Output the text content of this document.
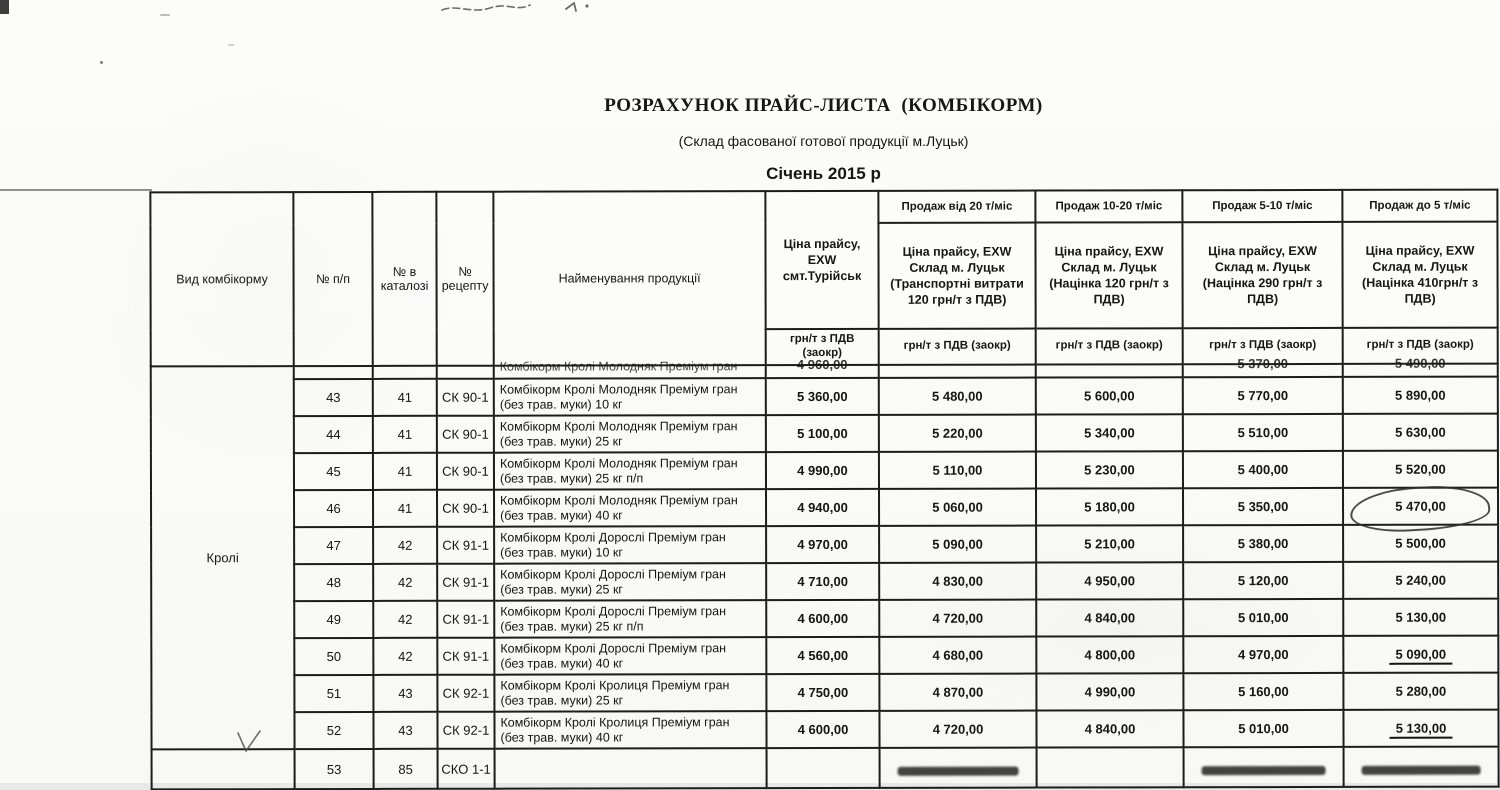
РОЗРАХУНОК ПРАЙС-ЛИСТА  (КОМБІКОРМ)
(Склад фасованої готової продукції м.Луцьк)
Січень 2015 р
Вид комбікорму	№ п/п	№ в каталозі	№ рецепту	Найменування продукції	Ціна прайсу, EXW смт.Турійськ	Продаж від 20 т/міс	Продаж 10-20 т/міс	Продаж 5-10 т/міс	Продаж до 5 т/міс
						Ціна прайсу, EXW Склад м. Луцьк (Транспортні витрати 120 грн/т з ПДВ)	Ціна прайсу, EXW Склад м. Луцьк (Націнка 120 грн/т з ПДВ)	Ціна прайсу, EXW Склад м. Луцьк (Націнка 290 грн/т з ПДВ)	Ціна прайсу, EXW Склад м. Луцьк (Націнка 410грн/т з ПДВ)
					грн/т з ПДВ (заокр)	грн/т з ПДВ (заокр)	грн/т з ПДВ (заокр)	грн/т з ПДВ (заокр)	грн/т з ПДВ (заокр)
Кролі				Комбікорм Кролі Молодняк Преміум гран	4 960,00			5 370,00	5 490,00

	43	41	СК 90-1	Комбікорм Кролі Молодняк Преміум гран
(без трав. муки) 10 кг	5 360,00	5 480,00	5 600,00	5 770,00	5 890,00
	44	41	СК 90-1	Комбікорм Кролі Молодняк Преміум гран
(без трав. муки) 25 кг	5 100,00	5 220,00	5 340,00	5 510,00	5 630,00
	45	41	СК 90-1	Комбікорм Кролі Молодняк Преміум гран
(без трав. муки) 25 кг п/п	4 990,00	5 110,00	5 230,00	5 400,00	5 520,00
	46	41	СК 90-1	Комбікорм Кролі Молодняк Преміум гран
(без трав. муки) 40 кг	4 940,00	5 060,00	5 180,00	5 350,00	5 470,00
	47	42	СК 91-1	Комбікорм Кролі Дорослі Преміум гран
(без трав. муки) 10 кг	4 970,00	5 090,00	5 210,00	5 380,00	5 500,00
	48	42	СК 91-1	Комбікорм Кролі Дорослі Преміум гран
(без трав. муки) 25 кг	4 710,00	4 830,00	4 950,00	5 120,00	5 240,00
	49	42	СК 91-1	Комбікорм Кролі Дорослі Преміум гран
(без трав. муки) 25 кг п/п	4 600,00	4 720,00	4 840,00	5 010,00	5 130,00
	50	42	СК 91-1	Комбікорм Кролі Дорослі Преміум гран
(без трав. муки) 40 кг	4 560,00	4 680,00	4 800,00	4 970,00	5 090,00
	51	43	СК 92-1	Комбікорм Кролі Кролиця Преміум гран
(без трав. муки) 25 кг	4 750,00	4 870,00	4 990,00	5 160,00	5 280,00
	52	43	СК 92-1	Комбікорм Кролі Кролиця Преміум гран
(без трав. муки) 40 кг	4 600,00	4 720,00	4 840,00	5 010,00	5 130,00
	53	85	СКО 1-1			
